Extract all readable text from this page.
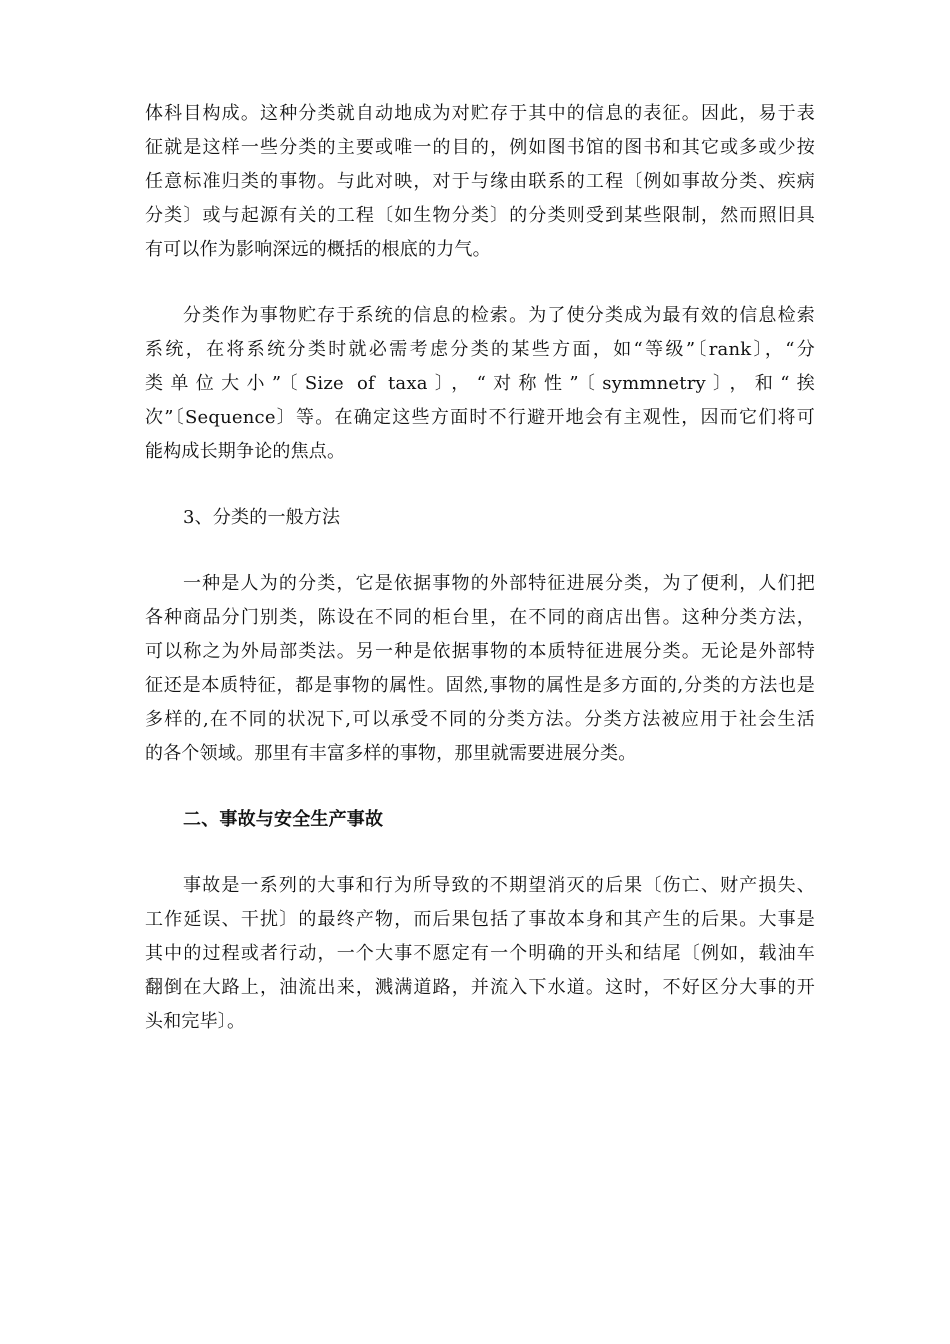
体科目构成。这种分类就自动地成为对贮存于其中的信息的表征。因此，易于表
征就是这样一些分类的主要或唯一的目的，例如图书馆的图书和其它或多或少按
任意标准归类的事物。与此对映，对于与缘由联系的工程〔例如事故分类、疾病
分类〕或与起源有关的工程〔如生物分类〕的分类则受到某些限制，然而照旧具
有可以作为影响深远的概括的根底的力气。
分类作为事物贮存于系统的信息的检索。为了使分类成为最有效的信息检索
系统，在将系统分类时就必需考虑分类的某些方面，如“等级”〔rank〕，“分
类单位大小”〔Size of taxa〕，“对称性”〔symmnetry〕，和“挨
次”〔Sequence〕等。在确定这些方面时不行避开地会有主观性，因而它们将可
能构成长期争论的焦点。
3、分类的一般方法
一种是人为的分类，它是依据事物的外部特征进展分类，为了便利，人们把
各种商品分门别类，陈设在不同的柜台里，在不同的商店出售。这种分类方法，
可以称之为外局部类法。另一种是依据事物的本质特征进展分类。无论是外部特
征还是本质特征，都是事物的属性。固然,事物的属性是多方面的,分类的方法也是
多样的,在不同的状况下,可以承受不同的分类方法。分类方法被应用于社会生活
的各个领域。那里有丰富多样的事物，那里就需要进展分类。
二、事故与安全生产事故
事故是一系列的大事和行为所导致的不期望消灭的后果〔伤亡、财产损失、
工作延误、干扰〕的最终产物，而后果包括了事故本身和其产生的后果。大事是
其中的过程或者行动，一个大事不愿定有一个明确的开头和结尾〔例如，载油车
翻倒在大路上，油流出来，溅满道路，并流入下水道。这时，不好区分大事的开
头和完毕〕。
